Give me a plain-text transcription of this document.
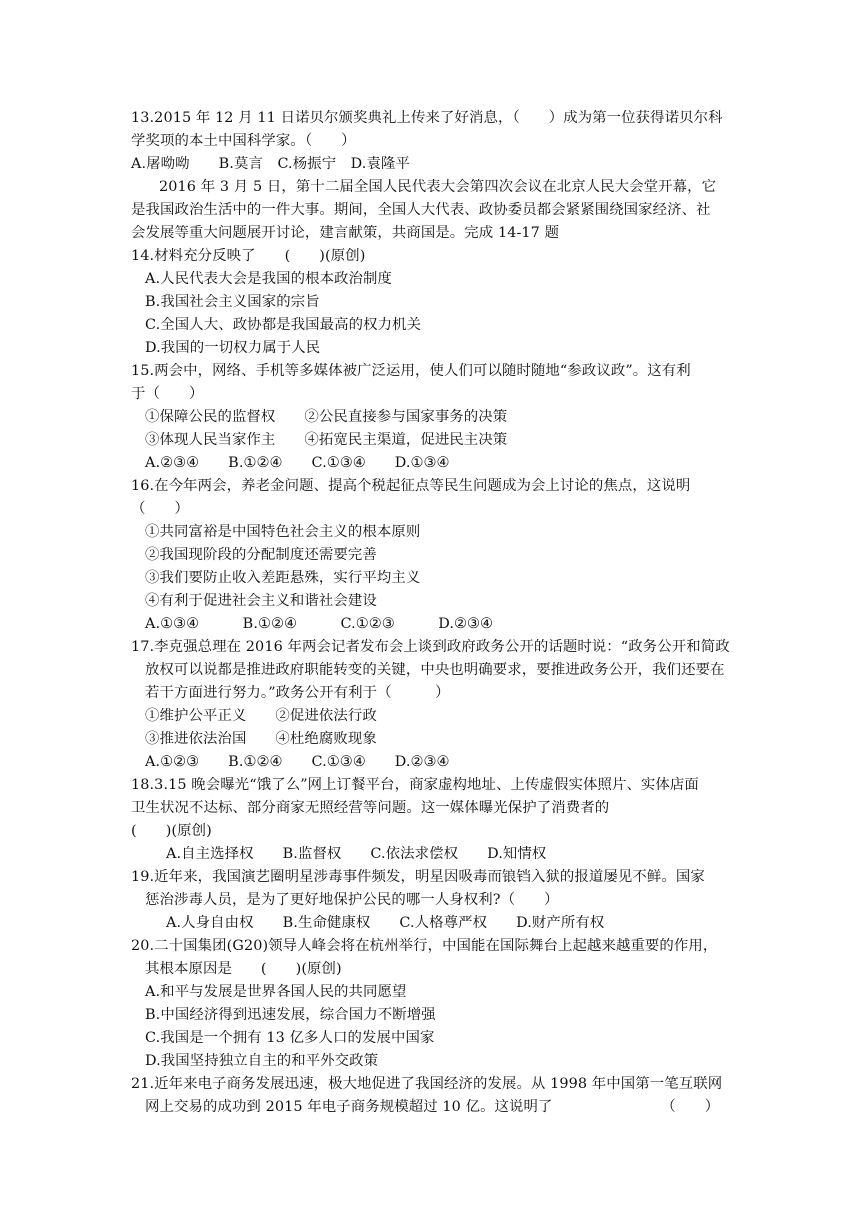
13.2015 年 12 月 11 日诺贝尔颁奖典礼上传来了好消息，（　　）成为第一位获得诺贝尔科
学奖项的本土中国科学家。（　　）
A.屠呦呦　　B.莫言　C.杨振宁　D.袁隆平
2016 年 3 月 5 日，第十二届全国人民代表大会第四次会议在北京人民大会堂开幕，它
是我国政治生活中的一件大事。期间，全国人大代表、政协委员都会紧紧围绕国家经济、社
会发展等重大问题展开讨论，建言献策，共商国是。完成 14-17 题
14.材料充分反映了　　(　　)(原创)
A.人民代表大会是我国的根本政治制度
B.我国社会主义国家的宗旨
C.全国人大、政协都是我国最高的权力机关
D.我国的一切权力属于人民
15.两会中，网络、手机等多媒体被广泛运用，使人们可以随时随地“参政议政”。这有利
于（　　）
①保障公民的监督权　　②公民直接参与国家事务的决策
③体现人民当家作主　　④拓宽民主渠道，促进民主决策
A.②③④　　B.①②④　　C.①③④　　D.①③④
16.在今年两会，养老金问题、提高个税起征点等民生问题成为会上讨论的焦点，这说明
（　　）
①共同富裕是中国特色社会主义的根本原则
②我国现阶段的分配制度还需要完善
③我们要防止收入差距悬殊，实行平均主义
④有利于促进社会主义和谐社会建设
A.①③④　　　B.①②④　　　C.①②③　　　D.②③④
17.李克强总理在 2016 年两会记者发布会上谈到政府政务公开的话题时说：“政务公开和简政
放权可以说都是推进政府职能转变的关键，中央也明确要求，要推进政务公开，我们还要在
若干方面进行努力。”政务公开有利于（　　　）
①维护公平正义　　②促进依法行政
③推进依法治国　　④杜绝腐败现象
A.①②③　　B.①②④　　C.①③④　　D.②③④
18.3.15 晚会曝光“饿了么”网上订餐平台，商家虚构地址、上传虚假实体照片、实体店面
卫生状况不达标、部分商家无照经营等问题。这一媒体曝光保护了消费者的
(　　)(原创)
A.自主选择权　　B.监督权　　C.依法求偿权　　D.知情权
19.近年来，我国演艺圈明星涉毒事件频发，明星因吸毒而锒铛入狱的报道屡见不鲜。国家
惩治涉毒人员，是为了更好地保护公民的哪一人身权利?（　　）
A.人身自由权　　B.生命健康权　　C.人格尊严权　　D.财产所有权
20.二十国集团(G20)领导人峰会将在杭州举行，中国能在国际舞台上起越来越重要的作用，
其根本原因是　　(　　)(原创)
A.和平与发展是世界各国人民的共同愿望
B.中国经济得到迅速发展，综合国力不断增强
C.我国是一个拥有 13 亿多人口的发展中国家
D.我国坚持独立自主的和平外交政策
21.近年来电子商务发展迅速，极大地促进了我国经济的发展。从 1998 年中国第一笔互联网
网上交易的成功到 2015 年电子商务规模超过 10 亿。这说明了　　　　　　　　（　　）
